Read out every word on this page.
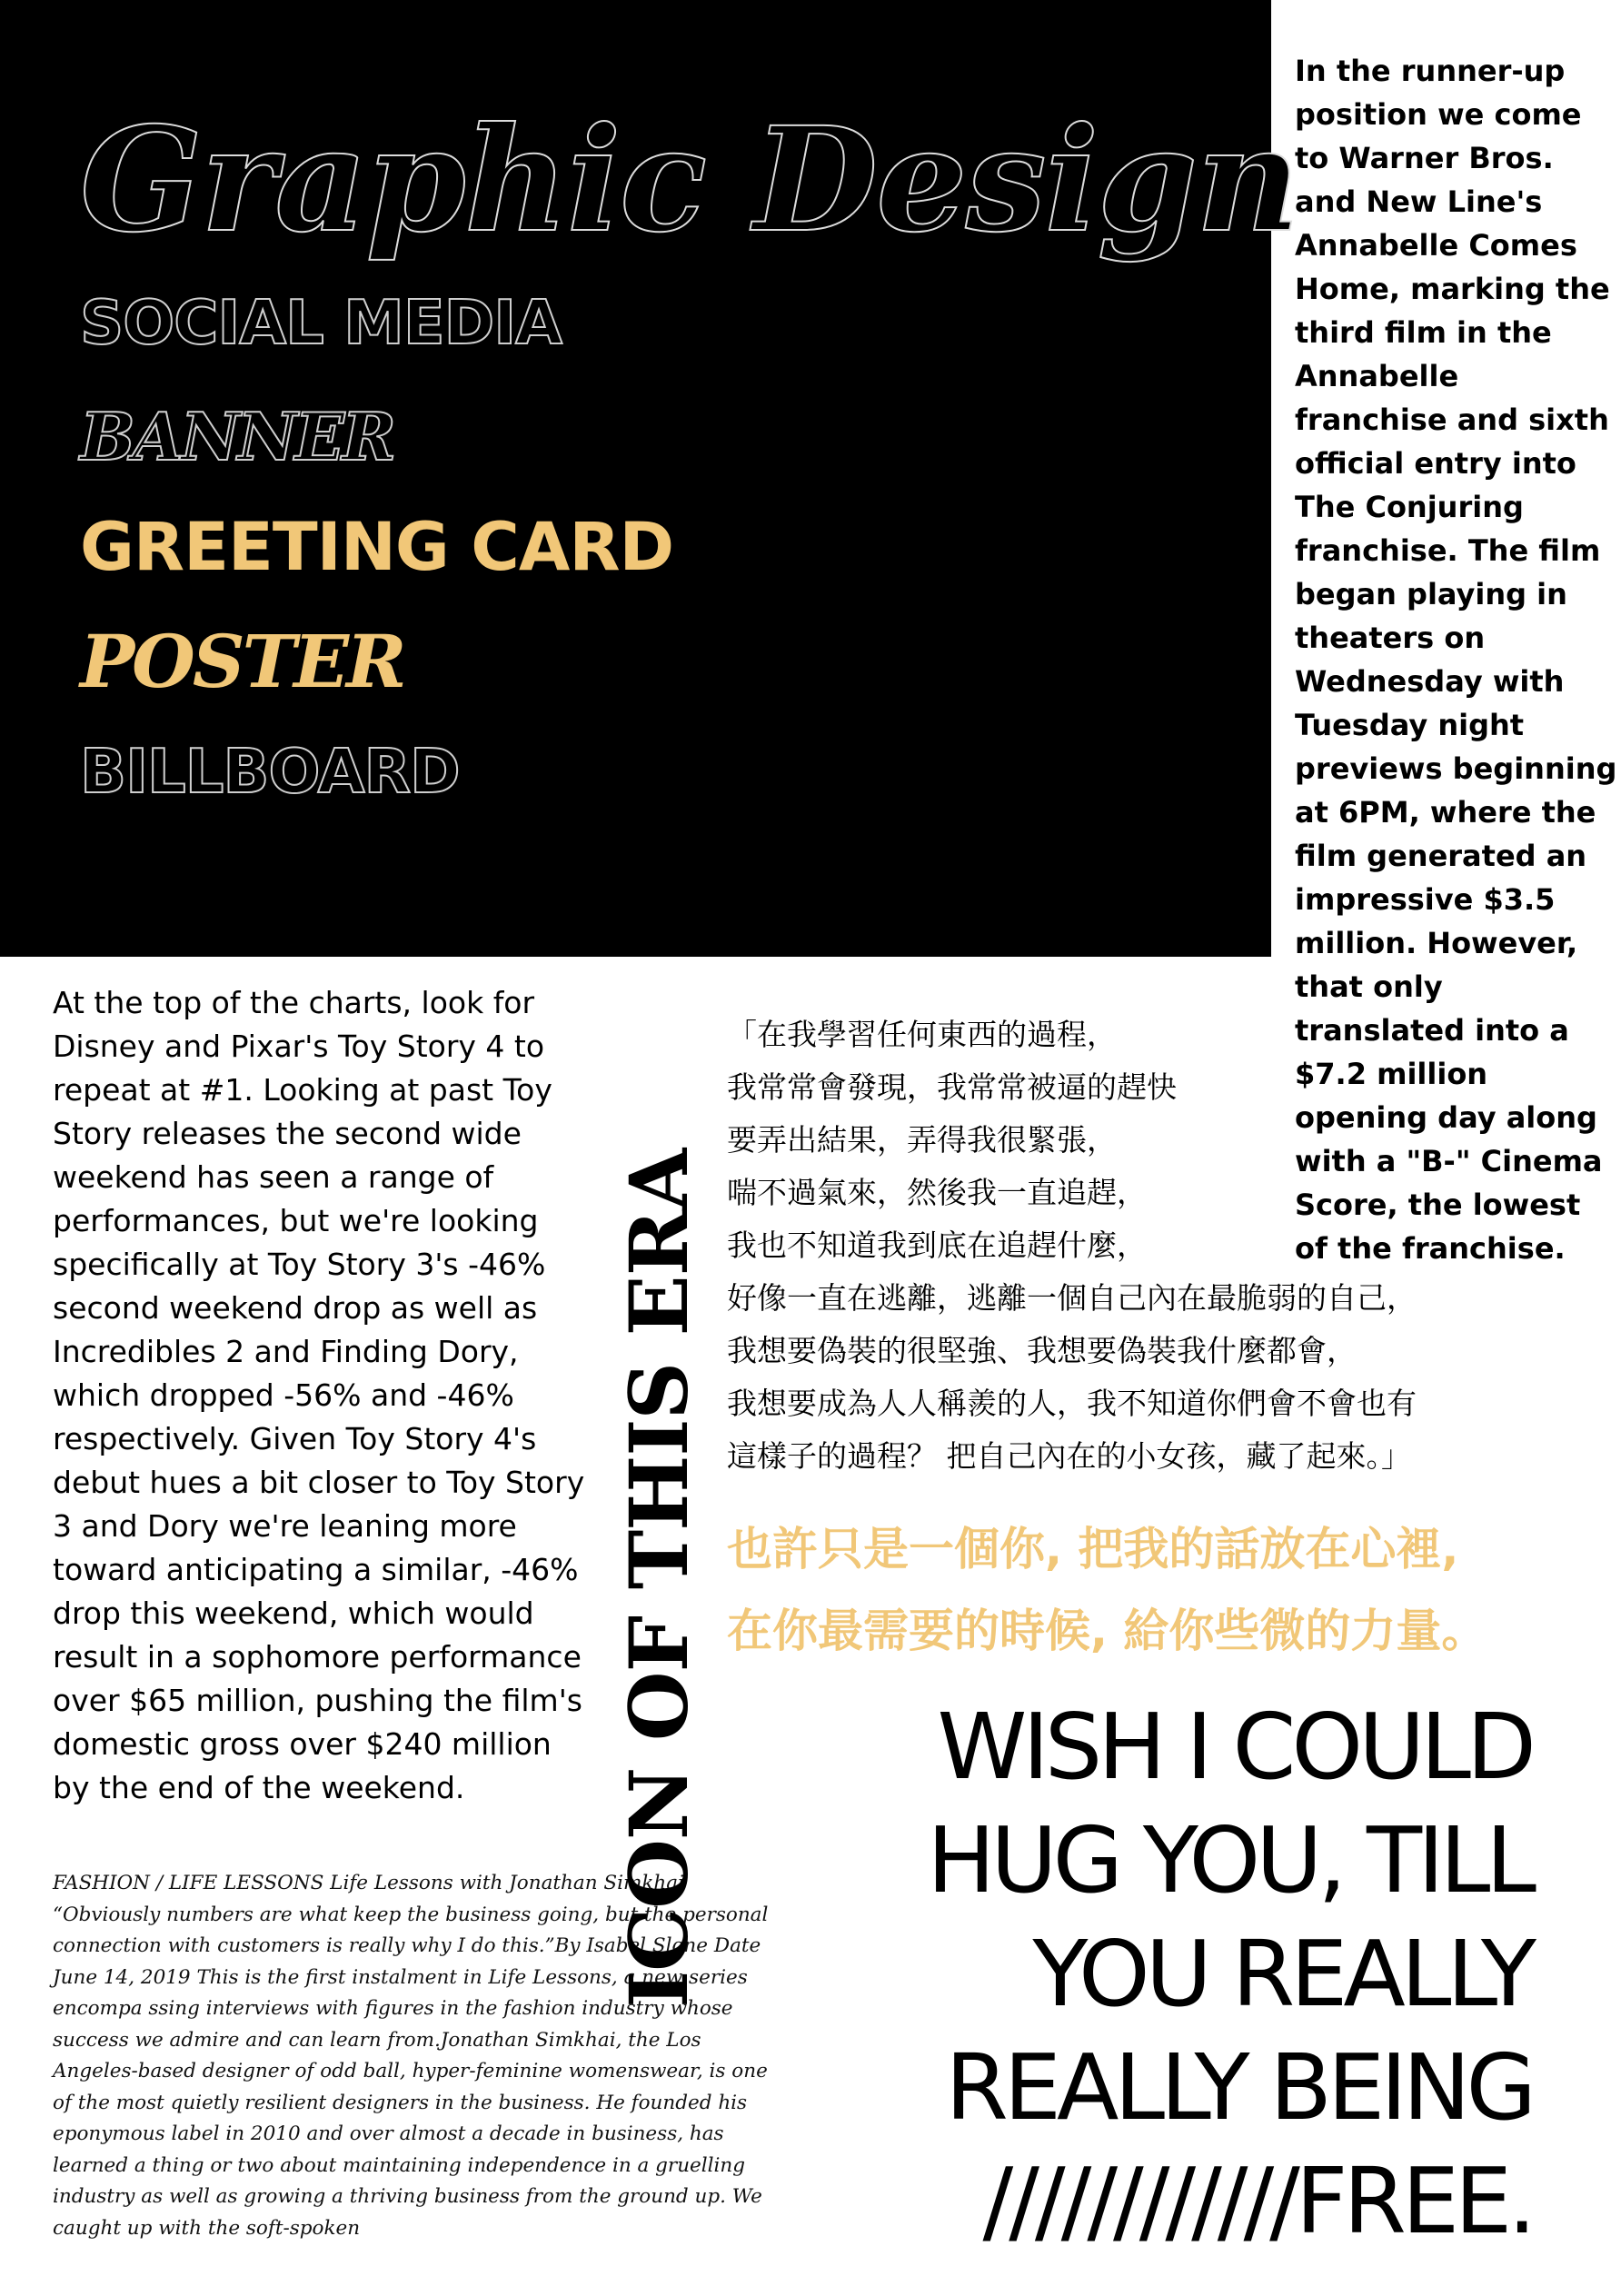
Graphic Design

SOCIAL MEDIA

BANNER

GREETING CARD

POSTER

BILLBOARD

In the runner-up position we come to Warner Bros. and New Line's Annabelle Comes Home, marking the third film in the Annabelle franchise and sixth official entry into The Conjuring franchise. The film began playing in theaters on Wednesday with Tuesday night previews beginning at 6PM, where the film generated an impressive $3.5 million. However, that only translated into a $7.2 million opening day along with a "B-" Cinema Score, the lowest of the franchise.

At the top of the charts, look for Disney and Pixar's Toy Story 4 to repeat at #1. Looking at past Toy Story releases the second wide weekend has seen a range of performances, but we're looking specifically at Toy Story 3's -46% second weekend drop as well as Incredibles 2 and Finding Dory, which dropped -56% and -46% respectively. Given Toy Story 4's debut hues a bit closer to Toy Story 3 and Dory we're leaning more toward anticipating a similar, -46% drop this weekend, which would result in a sophomore performance over $65 million, pushing the film's domestic gross over $240 million by the end of the weekend.

FASHION / LIFE LESSONS Life Lessons with Jonathan Simkhai “Obviously numbers are what keep the business going, but the personal connection with customers is really why I do this.”By Isabel Slone Date June 14, 2019 This is the first instalment in Life Lessons, a new series encompa ssing interviews with figures in the fashion industry whose success we admire and can learn from.Jonathan Simkhai, the Los Angeles-based designer of odd ball, hyper-feminine womenswear, is one of the most quietly resilient designers in the business. He founded his eponymous label in 2010 and over almost a decade in business, has learned a thing or two about maintaining independence in a gruelling industry as well as growing a thriving business from the ground up. We caught up with the soft-spoken

ICON OF THIS ERA
「在我學習任何東西的過程，
我常常會發現，我常常被逼的趕快
要弄出結果，弄得我很緊張，
喘不過氣來，然後我一直追趕，
我也不知道我到底在追趕什麼，
好像一直在逃離，逃離一個自己內在最脆弱的自己，
我想要偽裝的很堅強、我想要偽裝我什麼都會，
我想要成為人人稱羨的人，我不知道你們會不會也有
這樣子的過程？ 把自己內在的小女孩，藏了起來。」
也許只是一個你, 把我的話放在心裡,
在你最需要的時候, 給你些微的力量。
WISH I COULD
HUG YOU, TILL
YOU REALLY
REALLY BEING
////////////FREE.
